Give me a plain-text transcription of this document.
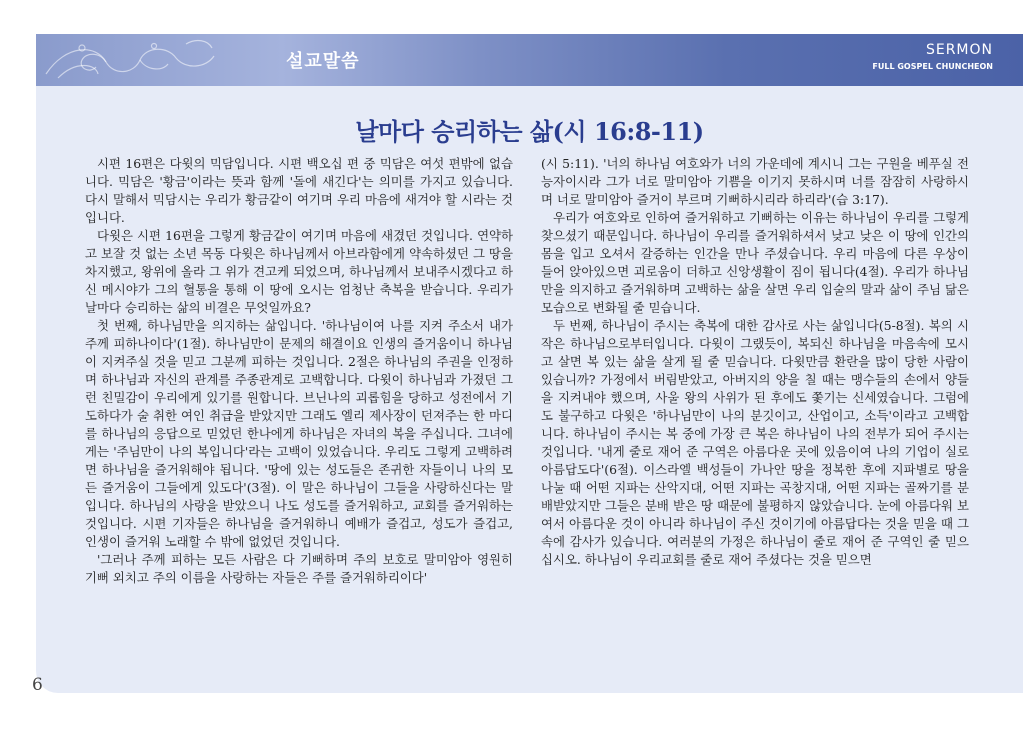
설교말씀
SERMON
FULL GOSPEL CHUNCHEON
날마다 승리하는 삶(시 16:8-11)

시편 16편은 다윗의 믹담입니다. 시편 백오십 편 중 믹담은 여섯 편밖에 없습니다. 믹담은 '황금'이라는 뜻과 함께 '돌에 새긴다'는 의미를 가지고 있습니다. 다시 말해서 믹담시는 우리가 황금같이 여기며 우리 마음에 새겨야 할 시라는 것입니다.

다윗은 시편 16편을 그렇게 황금같이 여기며 마음에 새겼던 것입니다. 연약하고 보잘 것 없는 소년 목동 다윗은 하나님께서 아브라함에게 약속하셨던 그 땅을 차지했고, 왕위에 올라 그 위가 견고케 되었으며, 하나님께서 보내주시겠다고 하신 메시야가 그의 혈통을 통해 이 땅에 오시는 엄청난 축복을 받습니다. 우리가 날마다 승리하는 삶의 비결은 무엇일까요?

첫 번째, 하나님만을 의지하는 삶입니다. '하나님이여 나를 지켜 주소서 내가 주께 피하나이다'(1절). 하나님만이 문제의 해결이요 인생의 즐거움이니 하나님이 지켜주실 것을 믿고 그분께 피하는 것입니다. 2절은 하나님의 주권을 인정하며 하나님과 자신의 관계를 주종관계로 고백합니다. 다윗이 하나님과 가졌던 그런 친밀감이 우리에게 있기를 원합니다. 브닌나의 괴롭힘을 당하고 성전에서 기도하다가 술 취한 여인 취급을 받았지만 그래도 엘리 제사장이 던져주는 한 마디를 하나님의 응답으로 믿었던 한나에게 하나님은 자녀의 복을 주십니다. 그녀에게는 '주님만이 나의 복입니다'라는 고백이 있었습니다. 우리도 그렇게 고백하려면 하나님을 즐거워해야 됩니다. '땅에 있는 성도들은 존귀한 자들이니 나의 모든 즐거움이 그들에게 있도다'(3절). 이 말은 하나님이 그들을 사랑하신다는 말입니다. 하나님의 사랑을 받았으니 나도 성도를 즐거워하고, 교회를 즐거워하는 것입니다. 시편 기자들은 하나님을 즐거워하니 예배가 즐겁고, 성도가 즐겁고, 인생이 즐거워 노래할 수 밖에 없었던 것입니다.

'그러나 주께 피하는 모든 사람은 다 기뻐하며 주의 보호로 말미암아 영원히 기뻐 외치고 주의 이름을 사랑하는 자들은 주를 즐거워하리이다'

(시 5:11). '너의 하나님 여호와가 너의 가운데에 계시니 그는 구원을 베푸실 전능자이시라 그가 너로 말미암아 기쁨을 이기지 못하시며 너를 잠잠히 사랑하시며 너로 말미암아 즐거이 부르며 기뻐하시리라 하리라'(습 3:17).

우리가 여호와로 인하여 즐거워하고 기뻐하는 이유는 하나님이 우리를 그렇게 찾으셨기 때문입니다. 하나님이 우리를 즐거워하셔서 낮고 낮은 이 땅에 인간의 몸을 입고 오셔서 갈증하는 인간을 만나 주셨습니다. 우리 마음에 다른 우상이 들어 앉아있으면 괴로움이 더하고 신앙생활이 짐이 됩니다(4절). 우리가 하나님만을 의지하고 즐거워하며 고백하는 삶을 살면 우리 입술의 말과 삶이 주님 닮은 모습으로 변화될 줄 믿습니다.

두 번째, 하나님이 주시는 축복에 대한 감사로 사는 삶입니다(5-8절). 복의 시작은 하나님으로부터입니다. 다윗이 그랬듯이, 복되신 하나님을 마음속에 모시고 살면 복 있는 삶을 살게 될 줄 믿습니다. 다윗만큼 환란을 많이 당한 사람이 있습니까? 가정에서 버림받았고, 아버지의 양을 칠 때는 맹수들의 손에서 양들을 지켜내야 했으며, 사울 왕의 사위가 된 후에도 쫓기는 신세였습니다. 그럼에도 불구하고 다윗은 '하나님만이 나의 분깃이고, 산업이고, 소득'이라고 고백합니다. 하나님이 주시는 복 중에 가장 큰 복은 하나님이 나의 전부가 되어 주시는 것입니다. '내게 줄로 재어 준 구역은 아름다운 곳에 있음이여 나의 기업이 실로 아름답도다'(6절). 이스라엘 백성들이 가나안 땅을 정복한 후에 지파별로 땅을 나눌 때 어떤 지파는 산악지대, 어떤 지파는 곡창지대, 어떤 지파는 골짜기를 분배받았지만 그들은 분배 받은 땅 때문에 불평하지 않았습니다. 눈에 아름다워 보여서 아름다운 것이 아니라 하나님이 주신 것이기에 아름답다는 것을 믿을 때 그 속에 감사가 있습니다. 여러분의 가정은 하나님이 줄로 재어 준 구역인 줄 믿으십시오. 하나님이 우리교회를 줄로 재어 주셨다는 것을 믿으면

6
